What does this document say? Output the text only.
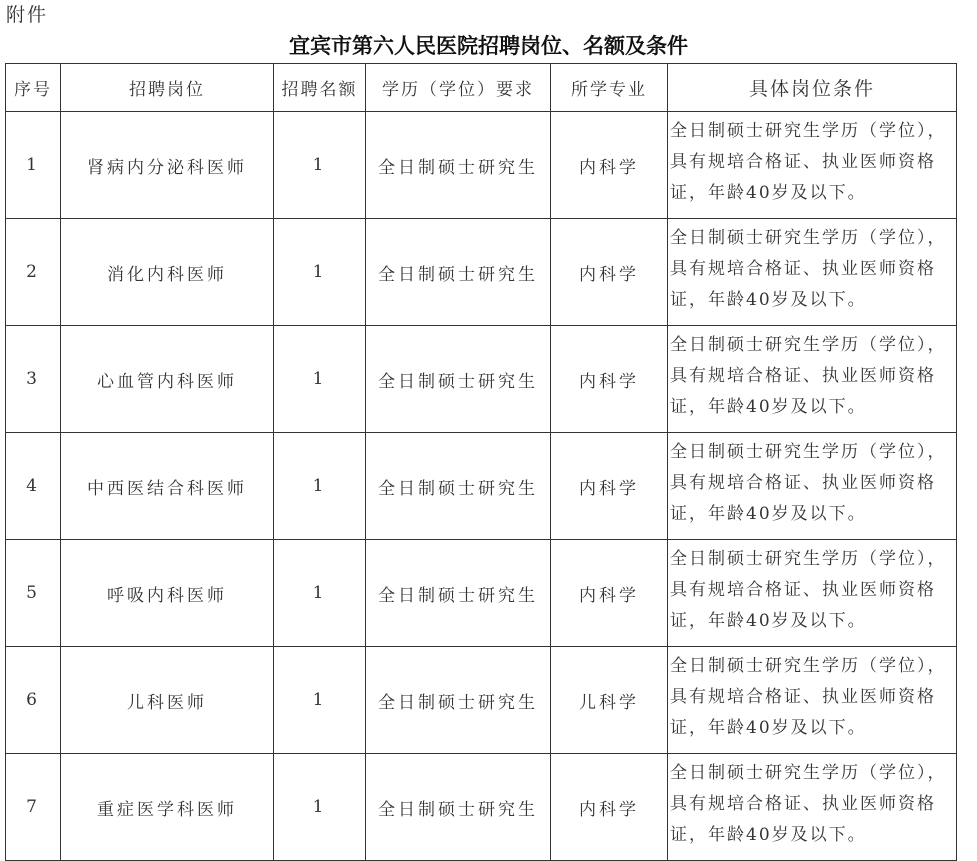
附件
宜宾市第六人民医院招聘岗位、名额及条件
序号	招聘岗位	招聘名额	学历（学位）要求	所学专业	具体岗位条件
1	肾病内分泌科医师	1	全日制硕士研究生	内科学	全日制硕士研究生学历（学位），具有规培合格证、执业医师资格证，年龄40岁及以下。
2	消化内科医师	1	全日制硕士研究生	内科学	全日制硕士研究生学历（学位），具有规培合格证、执业医师资格证，年龄40岁及以下。
3	心血管内科医师	1	全日制硕士研究生	内科学	全日制硕士研究生学历（学位），具有规培合格证、执业医师资格证，年龄40岁及以下。
4	中西医结合科医师	1	全日制硕士研究生	内科学	全日制硕士研究生学历（学位），具有规培合格证、执业医师资格证，年龄40岁及以下。
5	呼吸内科医师	1	全日制硕士研究生	内科学	全日制硕士研究生学历（学位），具有规培合格证、执业医师资格证，年龄40岁及以下。
6	儿科医师	1	全日制硕士研究生	儿科学	全日制硕士研究生学历（学位），具有规培合格证、执业医师资格证，年龄40岁及以下。
7	重症医学科医师	1	全日制硕士研究生	内科学	全日制硕士研究生学历（学位），具有规培合格证、执业医师资格证，年龄40岁及以下。
